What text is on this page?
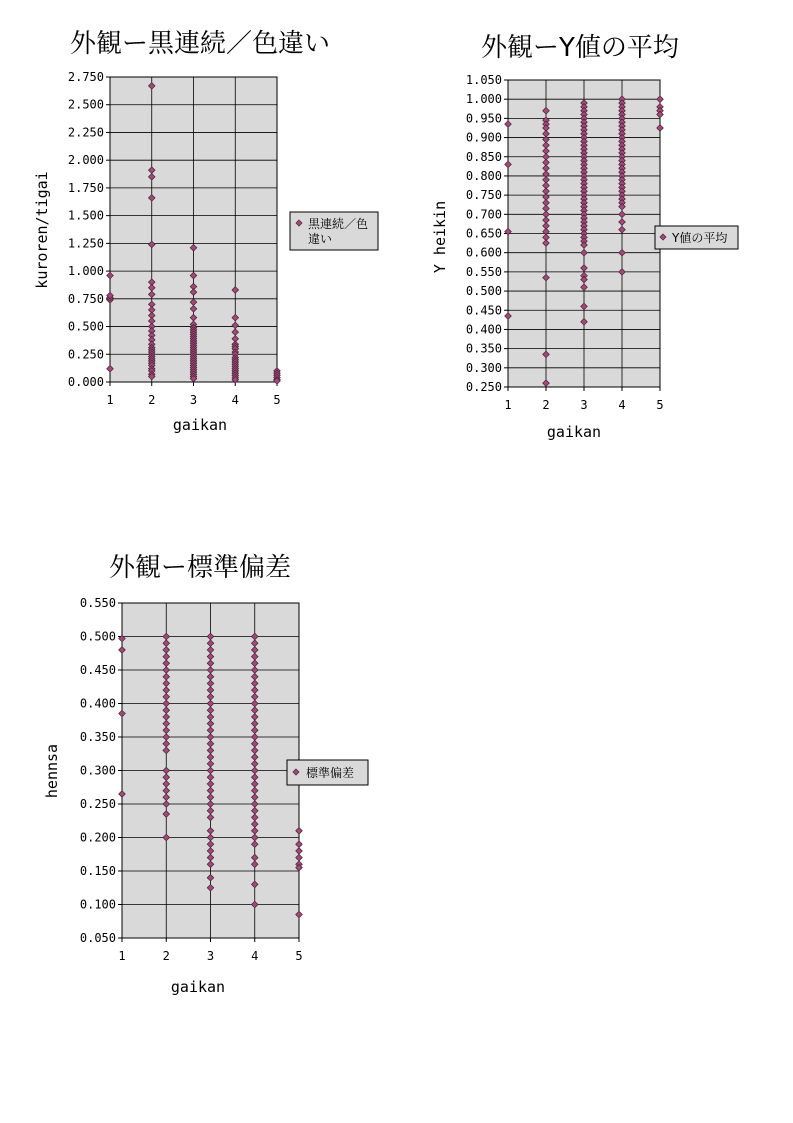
外観ー黒連続／色違い
gaikan
kuroren/tigai
0.000
0.250
0.500
0.750
1.000
1.250
1.500
1.750
2.000
2.250
2.500
2.750
1	2	3	4	5
黒連続／色 違い
外観ーY値の平均
gaikan
Y heikin
0.250
0.300
0.350
0.400
0.450
0.500
0.550
0.600
0.650
0.700
0.750
0.800
0.850
0.900
0.950
1.000
1.050
1	2	3	4	5
Y値の平均
外観ー標準偏差
gaikan
hennsa
0.050
0.100
0.150
0.200
0.250
0.300
0.350
0.400
0.450
0.500
0.550
1	2	3	4	5
標準偏差
